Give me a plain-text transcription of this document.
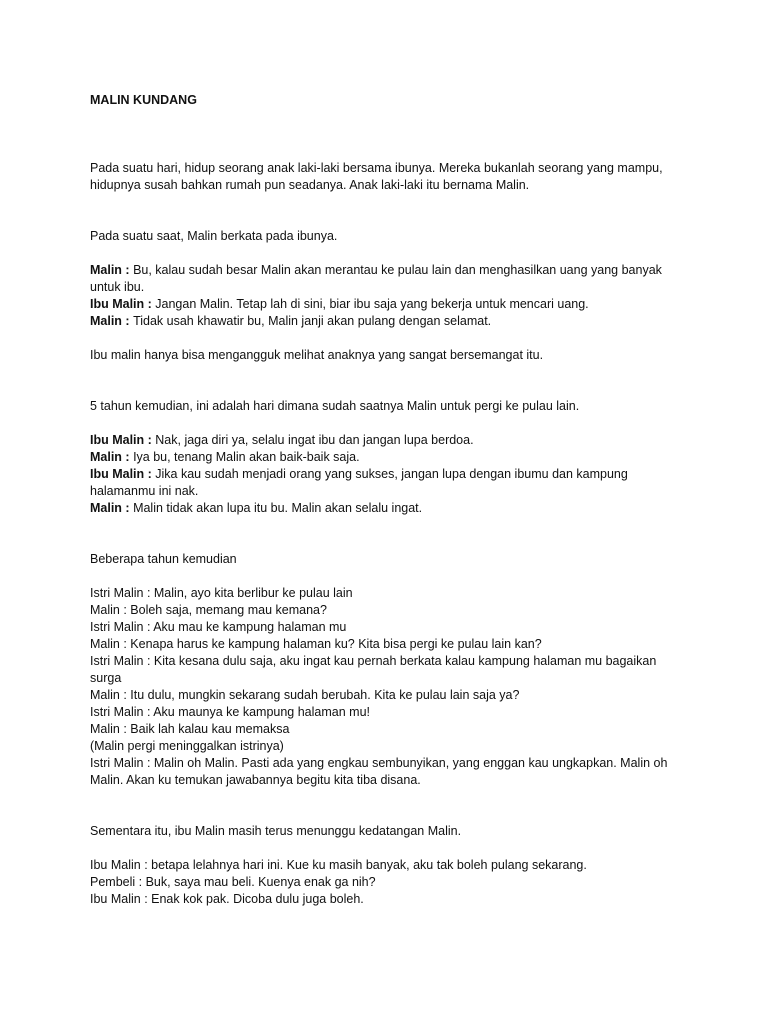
MALIN KUNDANG

Pada suatu hari, hidup seorang anak laki-laki bersama ibunya. Mereka bukanlah seorang yang mampu, hidupnya susah bahkan rumah pun seadanya. Anak laki-laki itu bernama Malin.

Pada suatu saat, Malin berkata pada ibunya.

Malin : Bu, kalau sudah besar Malin akan merantau ke pulau lain dan menghasilkan uang yang banyak untuk ibu.

Ibu Malin : Jangan Malin. Tetap lah di sini, biar ibu saja yang bekerja untuk mencari uang.

Malin : Tidak usah khawatir bu, Malin janji akan pulang dengan selamat.

Ibu malin hanya bisa mengangguk melihat anaknya yang sangat bersemangat itu.

5 tahun kemudian, ini adalah hari dimana sudah saatnya Malin untuk pergi ke pulau lain.

Ibu Malin : Nak, jaga diri ya, selalu ingat ibu dan jangan lupa berdoa.

Malin : Iya bu, tenang Malin akan baik-baik saja.

Ibu Malin : Jika kau sudah menjadi orang yang sukses, jangan lupa dengan ibumu dan kampung halamanmu ini nak.

Malin : Malin tidak akan lupa itu bu. Malin akan selalu ingat.

Beberapa tahun kemudian

Istri Malin : Malin, ayo kita berlibur ke pulau lain

Malin : Boleh saja, memang mau kemana?

Istri Malin : Aku mau ke kampung halaman mu

Malin : Kenapa harus ke kampung halaman ku? Kita bisa pergi ke pulau lain kan?

Istri Malin : Kita kesana dulu saja, aku ingat kau pernah berkata kalau kampung halaman mu bagaikan surga

Malin : Itu dulu, mungkin sekarang sudah berubah. Kita ke pulau lain saja ya?

Istri Malin : Aku maunya ke kampung halaman mu!

Malin : Baik lah kalau kau memaksa

(Malin pergi meninggalkan istrinya)

Istri Malin : Malin oh Malin. Pasti ada yang engkau sembunyikan, yang enggan kau ungkapkan. Malin oh Malin. Akan ku temukan jawabannya begitu kita tiba disana.

Sementara itu, ibu Malin masih terus menunggu kedatangan Malin.

Ibu Malin : betapa lelahnya hari ini. Kue ku masih banyak, aku tak boleh pulang sekarang.

Pembeli : Buk, saya mau beli. Kuenya enak ga nih?

Ibu Malin : Enak kok pak. Dicoba dulu juga boleh.
